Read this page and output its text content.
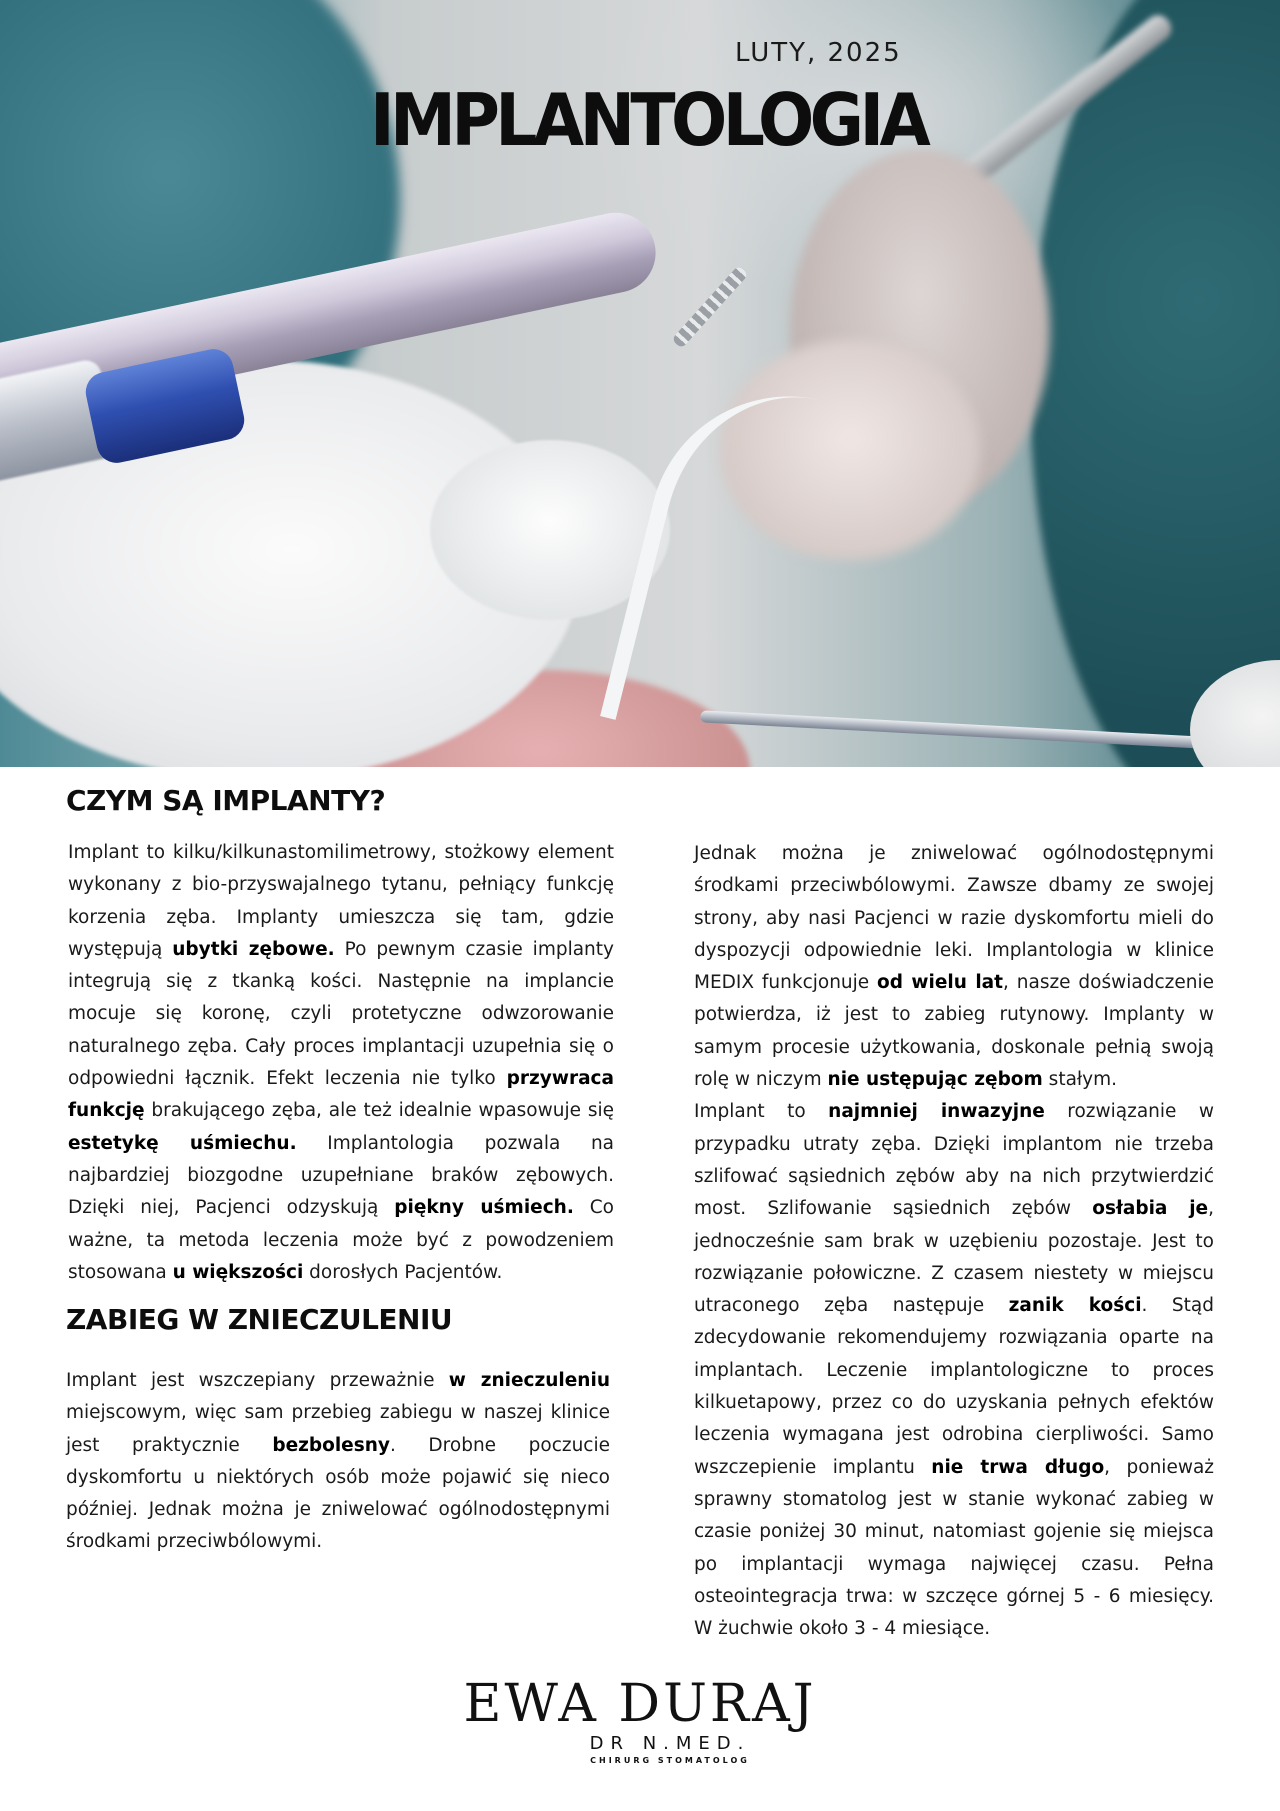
LUTY, 2025
IMPLANTOLOGIA
CZYM SĄ IMPLANTY?

Implant to kilku/kilkunastomilimetrowy, stożkowy element wykonany z bio-przyswajalnego tytanu, pełniący funkcję korzenia zęba. Implanty umieszcza się tam, gdzie występują ubytki zębowe. Po pewnym czasie implanty integrują się z tkanką kości. Następnie na implancie mocuje się koronę, czyli protetyczne odwzorowanie naturalnego zęba. Cały proces implantacji uzupełnia się o odpowiedni łącznik. Efekt leczenia nie tylko przywraca funkcję brakującego zęba, ale też idealnie wpasowuje się estetykę uśmiechu. Implantologia pozwala na najbardziej biozgodne uzupełniane braków zębowych. Dzięki niej, Pacjenci odzyskują piękny uśmiech. Co ważne, ta metoda leczenia może być z powodzeniem stosowana u większości dorosłych Pacjentów.

ZABIEG W ZNIECZULENIU

Implant jest wszczepiany przeważnie w znieczuleniu miejscowym, więc sam przebieg zabiegu w naszej klinice jest praktycznie bezbolesny. Drobne poczucie dyskomfortu u niektórych osób może pojawić się nieco później. Jednak można je zniwelować ogólnodostępnymi środkami przeciwbólowymi.

Jednak można je zniwelować ogólnodostępnymi środkami przeciwbólowymi. Zawsze dbamy ze swojej strony, aby nasi Pacjenci w razie dyskomfortu mieli do dyspozycji odpowiednie leki. Implantologia w klinice MEDIX funkcjonuje od wielu lat, nasze doświadczenie potwierdza, iż jest to zabieg rutynowy. Implanty w samym procesie użytkowania, doskonale pełnią swoją rolę w niczym nie ustępując zębom stałym.

Implant to najmniej inwazyjne rozwiązanie w przypadku utraty zęba. Dzięki implantom nie trzeba szlifować sąsiednich zębów aby na nich przytwierdzić most. Szlifowanie sąsiednich zębów osłabia je, jednocześnie sam brak w uzębieniu pozostaje. Jest to rozwiązanie połowiczne. Z czasem niestety w miejscu utraconego zęba następuje zanik kości. Stąd zdecydowanie rekomendujemy rozwiązania oparte na implantach. Leczenie implantologiczne to proces kilkuetapowy, przez co do uzyskania pełnych efektów leczenia wymagana jest odrobina cierpliwości. Samo wszczepienie implantu nie trwa długo, ponieważ sprawny stomatolog jest w stanie wykonać zabieg w czasie poniżej 30 minut, natomiast gojenie się miejsca po implantacji wymaga najwięcej czasu. Pełna osteointegracja trwa: w szczęce górnej 5 - 6 miesięcy. W żuchwie około 3 - 4 miesiące.

EWA DURAJ
DR N.MED.
CHIRURG STOMATOLOG
